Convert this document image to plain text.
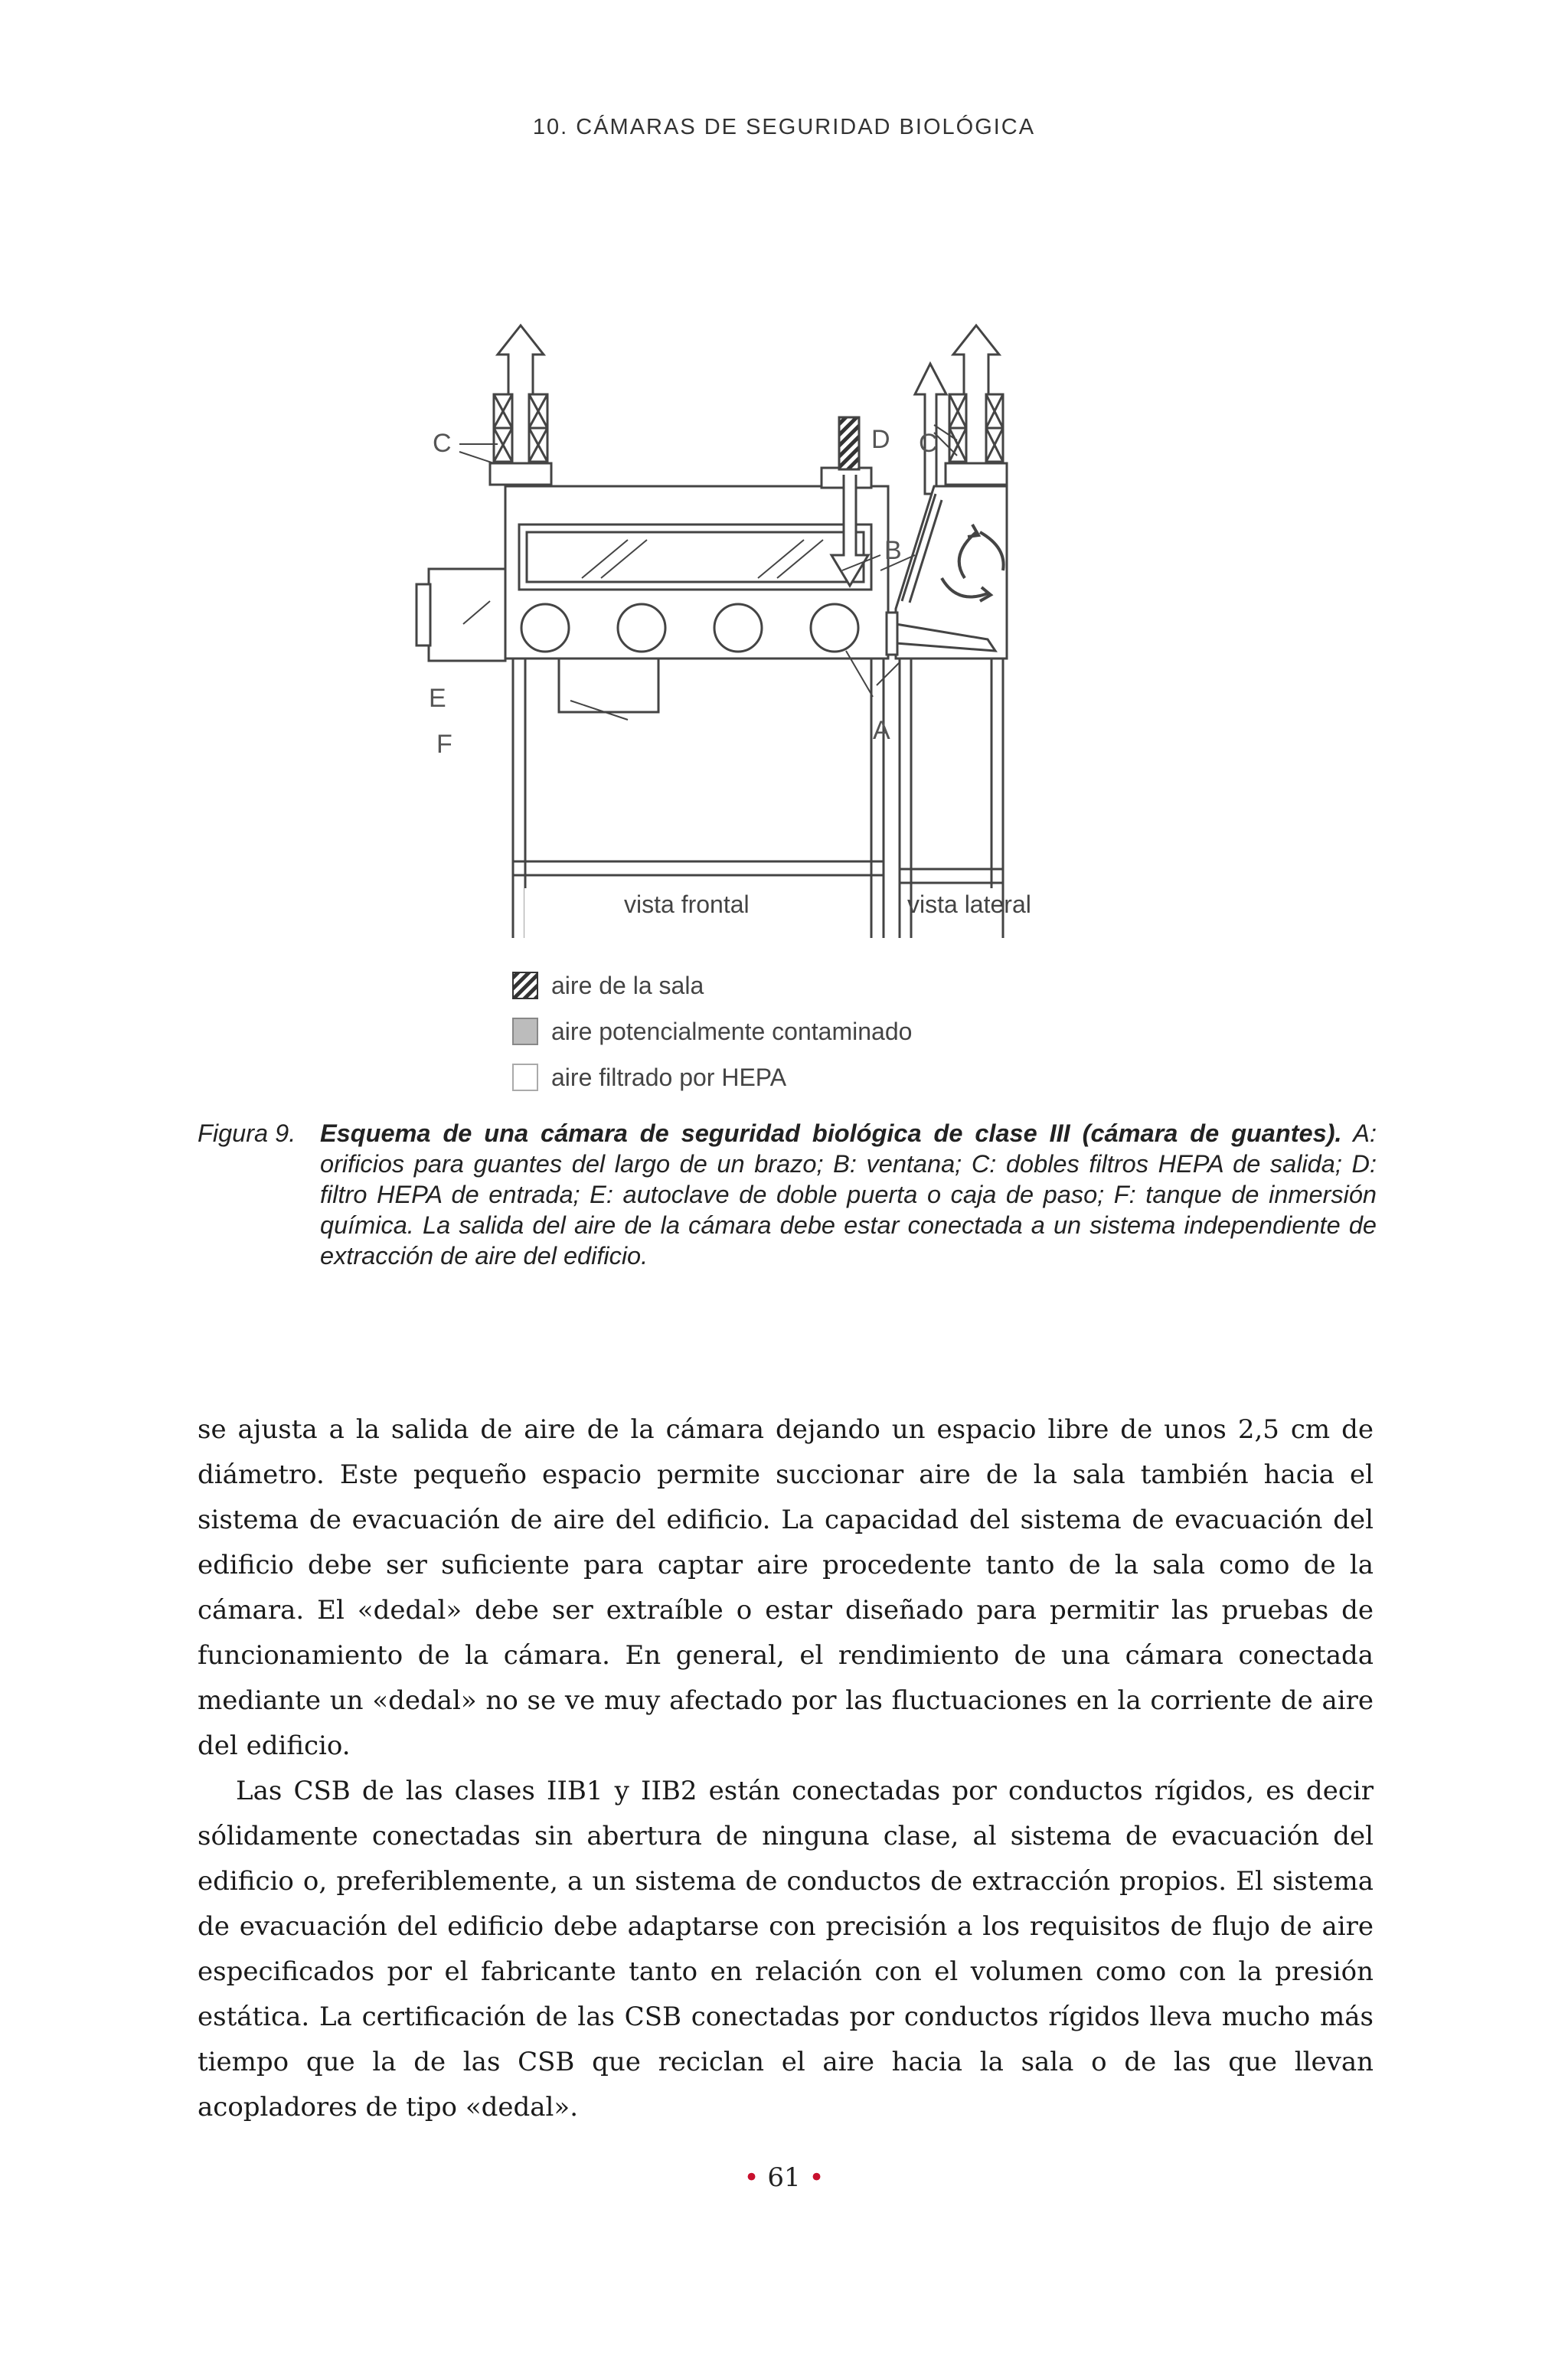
10. CÁMARAS DE SEGURIDAD BIOLÓGICA
C	D
B
A
E
F
C
vista frontal	vista lateral
aire de la sala
aire potencialmente contaminado
aire filtrado por HEPA
Figura 9. Esquema de una cámara de seguridad biológica de clase III (cámara de guantes). A: orificios para guantes del largo de un brazo; B: ventana; C: dobles filtros HEPA de salida; D: filtro HEPA de entrada; E: autoclave de doble puerta o caja de paso; F: tanque de inmersión química. La salida del aire de la cámara debe estar conectada a un sistema independiente de extracción de aire del edificio.

se ajusta a la salida de aire de la cámara dejando un espacio libre de unos 2,5 cm de diámetro. Este pequeño espacio permite succionar aire de la sala también hacia el sistema de evacuación de aire del edificio. La capacidad del sistema de evacuación del edificio debe ser suficiente para captar aire procedente tanto de la sala como de la cámara. El «dedal» debe ser extraíble o estar diseñado para permitir las pruebas de funcionamiento de la cámara. En general, el rendimiento de una cámara conectada mediante un «dedal» no se ve muy afectado por las fluctuaciones en la corriente de aire del edificio.

Las CSB de las clases IIB1 y IIB2 están conectadas por conductos rígidos, es decir sólidamente conectadas sin abertura de ninguna clase, al sistema de evacuación del edificio o, preferiblemente, a un sistema de conductos de extracción propios. El sistema de evacuación del edificio debe adaptarse con precisión a los requisitos de flujo de aire especificados por el fabricante tanto en relación con el volumen como con la presión estática. La certificación de las CSB conectadas por conductos rígidos lleva mucho más tiempo que la de las CSB que reciclan el aire hacia la sala o de las que llevan acopladores de tipo «dedal».

• 61 •
